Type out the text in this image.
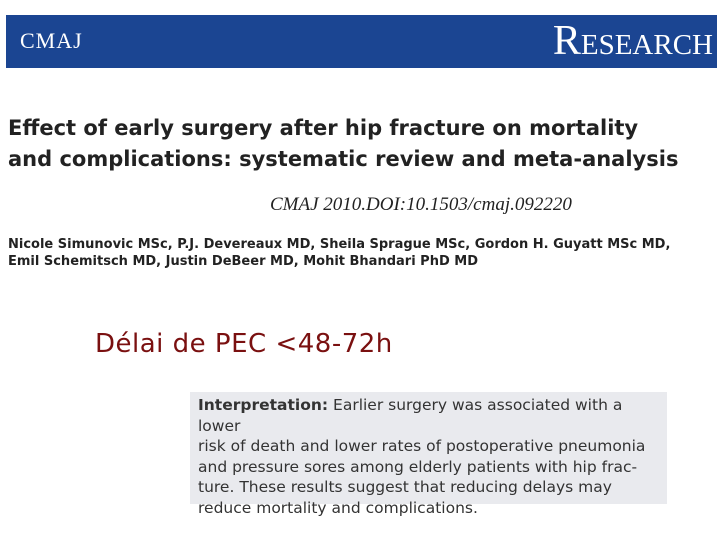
CMAJ	Research
Effect of early surgery after hip fracture on mortality
and complications: systematic review and meta-analysis
CMAJ 2010.DOI:10.1503/cmaj.092220
Nicole Simunovic MSc, P.J. Devereaux MD, Sheila Sprague MSc, Gordon H. Guyatt MSc MD,
Emil Schemitsch MD, Justin DeBeer MD, Mohit Bhandari PhD MD
Délai de PEC <48-72h
Interpretation: Earlier surgery was associated with a lower
risk of death and lower rates of postoperative pneumonia
and pressure sores among elderly patients with hip frac-
ture. These results suggest that reducing delays may
reduce mortality and complications.
